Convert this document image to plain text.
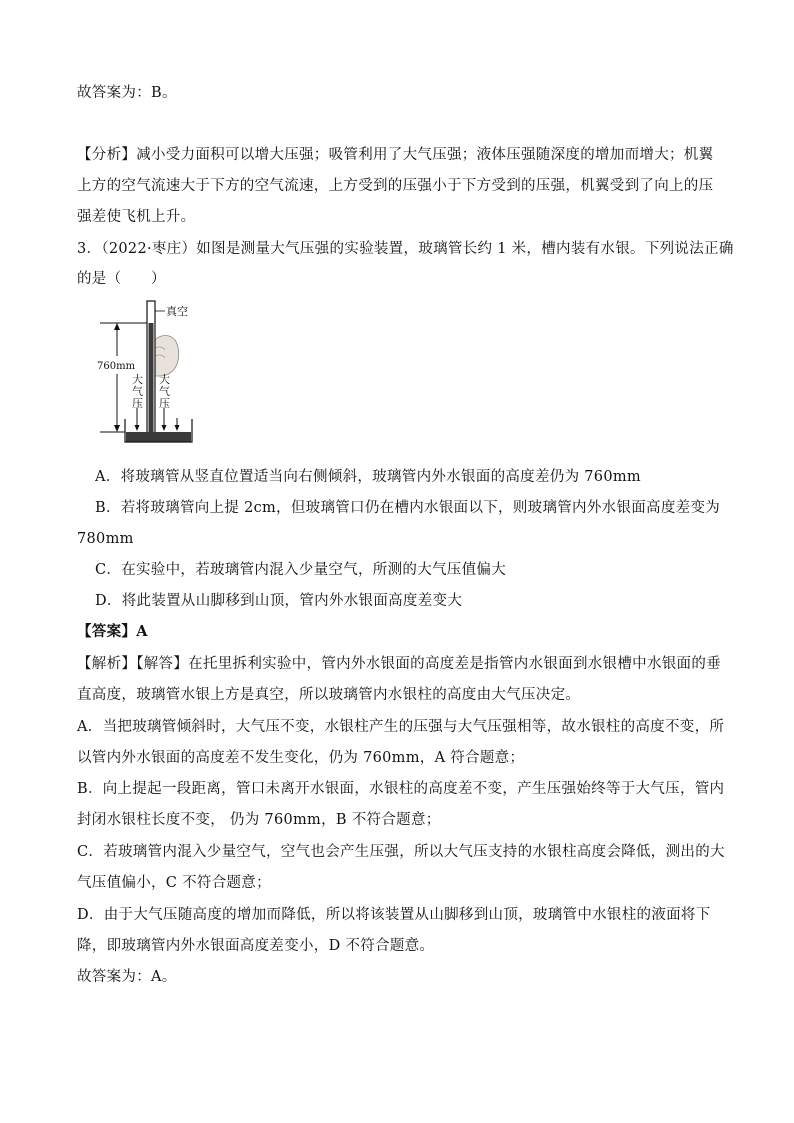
故答案为：B。
【分析】减小受力面积可以增大压强；吸管利用了大气压强；液体压强随深度的增加而增大；机翼
上方的空气流速大于下方的空气流速，上方受到的压强小于下方受到的压强，机翼受到了向上的压
强差使飞机上升。
3．（2022·枣庄）如图是测量大气压强的实验装置，玻璃管长约 1 米，槽内装有水银。下列说法正确
的是（　　）
真空
760mm
大
气
压
大
气
压
A．将玻璃管从竖直位置适当向右侧倾斜，玻璃管内外水银面的高度差仍为 760mm
B．若将玻璃管向上提 2cm，但玻璃管口仍在槽内水银面以下，则玻璃管内外水银面高度差变为
780mm
C．在实验中，若玻璃管内混入少量空气，所测的大气压值偏大
D．将此装置从山脚移到山顶，管内外水银面高度差变大
【答案】A
【解析】【解答】在托里拆利实验中，管内外水银面的高度差是指管内水银面到水银槽中水银面的垂
直高度，玻璃管水银上方是真空，所以玻璃管内水银柱的高度由大气压决定。
A．当把玻璃管倾斜时，大气压不变，水银柱产生的压强与大气压强相等，故水银柱的高度不变，所
以管内外水银面的高度差不发生变化，仍为 760mm，A 符合题意；
B．向上提起一段距离，管口未离开水银面，水银柱的高度差不变，产生压强始终等于大气压，管内
封闭水银柱长度不变， 仍为 760mm，B 不符合题意；
C．若玻璃管内混入少量空气，空气也会产生压强，所以大气压支持的水银柱高度会降低，测出的大
气压值偏小，C 不符合题意；
D．由于大气压随高度的增加而降低，所以将该装置从山脚移到山顶，玻璃管中水银柱的液面将下
降，即玻璃管内外水银面高度差变小，D 不符合题意。
故答案为：A。
